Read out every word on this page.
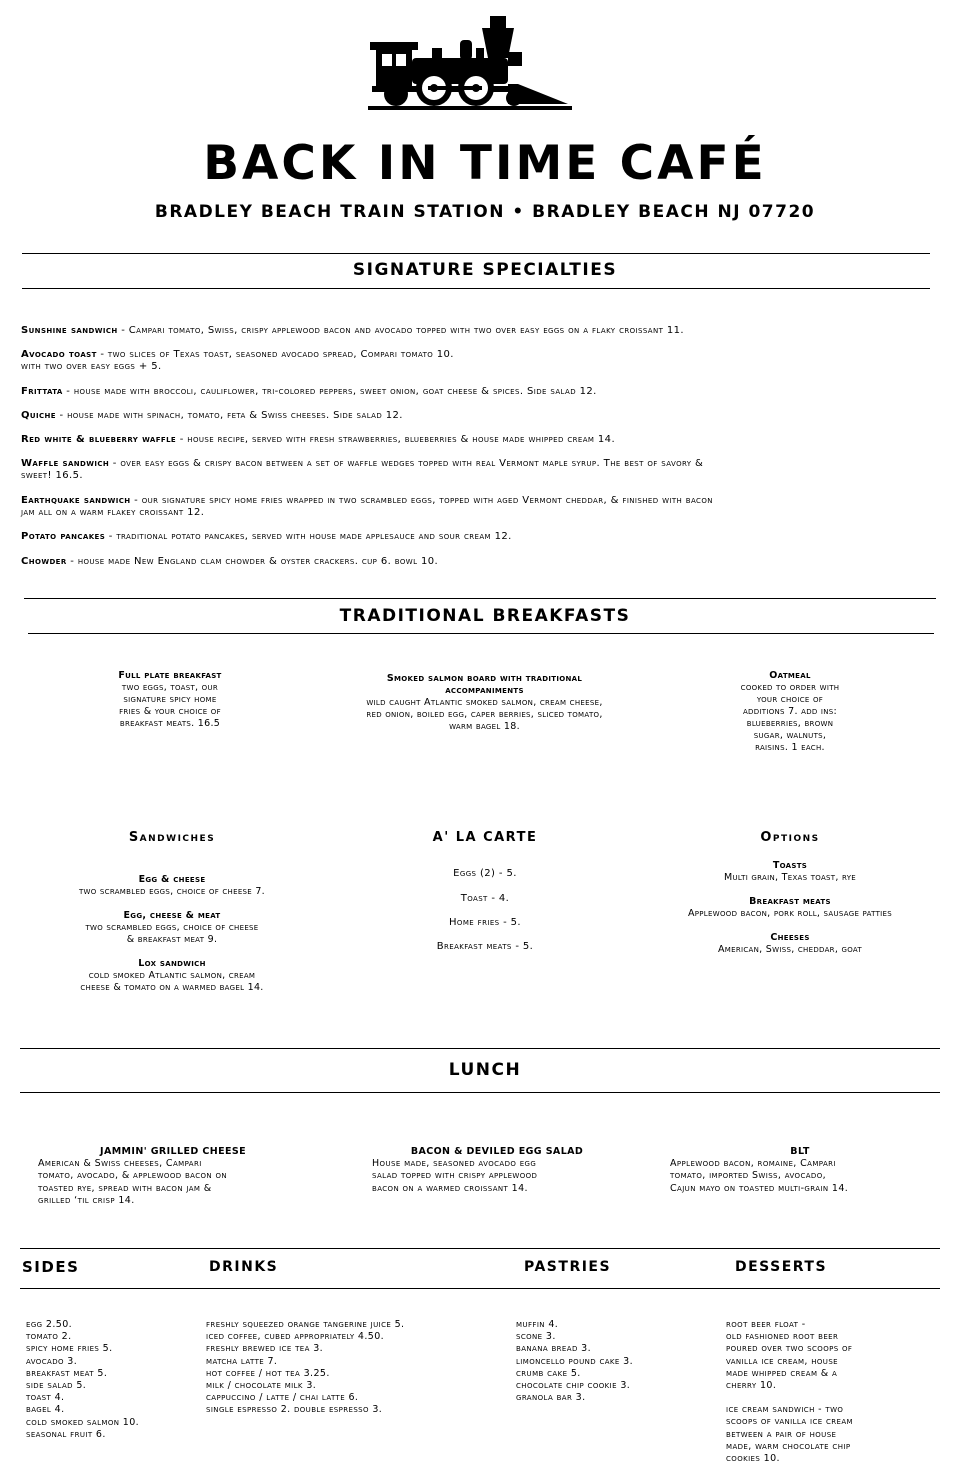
BACK IN TIME CAFÉ
BRADLEY BEACH TRAIN STATION • BRADLEY BEACH NJ 07720
SIGNATURE SPECIALTIES
Sunshine sandwich - Campari tomato, Swiss, crispy applewood bacon and avocado topped with two over easy eggs on a flaky croissant 11.
Avocado toast - two slices of Texas toast, seasoned avocado spread, Compari tomato 10.
with two over easy eggs + 5.
Frittata - house made with broccoli, cauliflower, tri-colored peppers, sweet onion, goat cheese & spices. Side salad 12.
Quiche - house made with spinach, tomato, feta & Swiss cheeses. Side salad 12.
Red white & blueberry waffle - house recipe, served with fresh strawberries, blueberries & house made whipped cream 14.
Waffle sandwich - over easy eggs & crispy bacon between a set of waffle wedges topped with real Vermont maple syrup. The best of savory &
sweet! 16.5.
Earthquake sandwich - our signature spicy home fries wrapped in two scrambled eggs, topped with aged Vermont cheddar, & finished with bacon
jam all on a warm flakey croissant 12.
Potato pancakes - traditional potato pancakes, served with house made applesauce and sour cream 12.
Chowder - house made New England clam chowder & oyster crackers. cup 6. bowl 10.
TRADITIONAL BREAKFASTS
Full plate breakfast
two eggs, toast, our
signature spicy home
fries & your choice of
breakfast meats. 16.5
Smoked salmon board with traditional
accompaniments
wild caught Atlantic smoked salmon, cream cheese,
red onion, boiled egg, caper berries, sliced tomato,
warm bagel 18.
Oatmeal
cooked to order with
your choice of
additions 7. add ins:
blueberries, brown
sugar, walnuts,
raisins. 1 each.
Sandwiches	A' LA CARTE	Options
Egg & cheese
two scrambled eggs, choice of cheese 7.
Egg, cheese & meat
two scrambled eggs, choice of cheese
& breakfast meat 9.
Lox sandwich
cold smoked Atlantic salmon, cream
cheese & tomato on a warmed bagel 14.
Eggs (2) - 5.
Toast - 4.
Home fries - 5.
Breakfast meats - 5.
Toasts
Multi grain, Texas toast, rye
Breakfast meats
Applewood bacon, pork roll, sausage patties
Cheeses
American, Swiss, cheddar, goat
LUNCH
JAMMIN' GRILLED CHEESE
American & Swiss cheeses, Campari
tomato, avocado, & applewood bacon on
toasted rye, spread with bacon jam &
grilled ‘til crisp 14.
BACON & DEVILED EGG SALAD
House made, seasoned avocado egg
salad topped with crispy applewood
bacon on a warmed croissant 14.
BLT
Applewood bacon, romaine, Campari
tomato, imported Swiss, avocado,
Cajun mayo on toasted multi-grain 14.
SIDES	DRINKS	PASTRIES	DESSERTS
egg 2.50.
tomato 2.
spicy home fries 5.
avocado 3.
breakfast meat 5.
side salad 5.
toast 4.
bagel 4.
cold smoked salmon 10.
seasonal fruit 6.
freshly squeezed orange tangerine juice 5.
iced coffee, cubed appropriately 4.50.
freshly brewed ice tea 3.
matcha latte 7.
hot coffee / hot tea 3.25.
milk / chocolate milk 3.
cappuccino / latte / chai latte 6.
single espresso 2. double espresso 3.
muffin 4.
scone 3.
banana bread 3.
limoncello pound cake 3.
crumb cake 5.
chocolate chip cookie 3.
granola bar 3.
root beer float -
old fashioned root beer
poured over two scoops of
vanilla ice cream, house
made whipped cream & a
cherry 10.
ice cream sandwich - two
scoops of vanilla ice cream
between a pair of house
made, warm chocolate chip
cookies 10.
